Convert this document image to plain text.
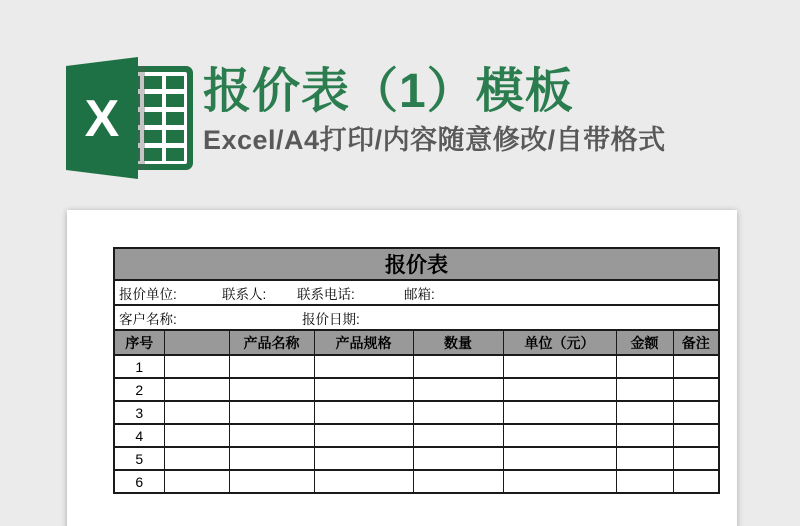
X 报价表（1）模板
Excel/A4打印/内容随意修改/自带格式
报价表							

报价单位: 联系人: 联系电话: 邮箱:							

客户名称: 报价日期:							

序号		产品名称	产品规格	数量	单位（元）	金额	备注
1							
2							
3							
4							
5							
6							
